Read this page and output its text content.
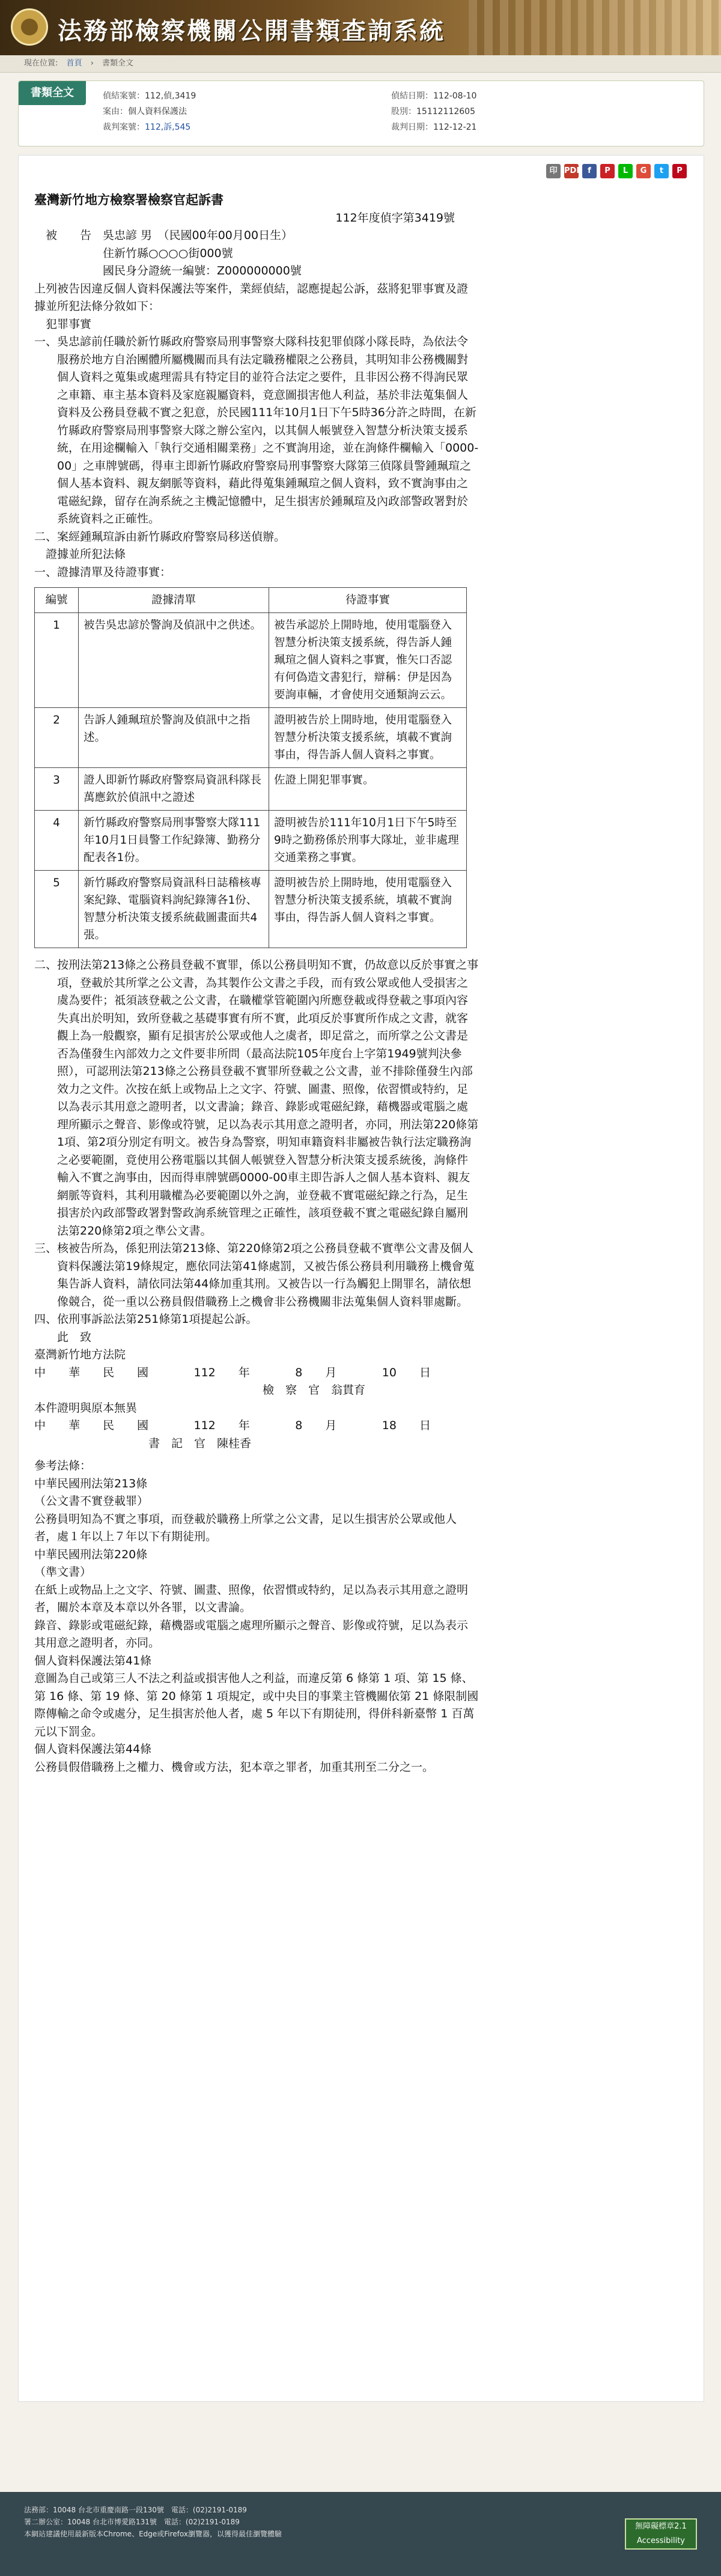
法務部檢察機關公開書類查詢系統
現在位置: 首頁 › 書類全文
書類全文	偵結案號：112,偵,3419	偵結日期：112-08-10
案由：個人資料保護法	股別：15112112605
裁判案號：112,訴,545	裁判日期：112-12-21
印 PDF f	P	L	G	t	P

臺灣新竹地方檢察署檢察官起訴書

112年度偵字第3419號

　被　　告　吳忠諺 男　（民國00年00月00日生）

　　　　　　住新竹縣○○○○街000號

　　　　　　國民身分證統一編號：Z000000000號

上列被告因違反個人資料保護法等案件，業經偵結，認應提起公訴，茲將犯罪事實及證據並所犯法條分敘如下：

　犯罪事實

一、吳忠諺前任職於新竹縣政府警察局刑事警察大隊科技犯罪偵隊小隊長時，為依法令服務於地方自治團體所屬機關而具有法定職務權限之公務員，其明知非公務機關對個人資料之蒐集或處理需具有特定目的並符合法定之要件，且非因公務不得詢民眾之車籍、車主基本資料及家庭親屬資料，竟意圖損害他人利益，基於非法蒐集個人資料及公務員登載不實之犯意，於民國111年10月1日下午5時36分許之時間，在新竹縣政府警察局刑事警察大隊之辦公室內，以其個人帳號登入智慧分析決策支援系統，在用途欄輸入「執行交通相關業務」之不實詢用途，並在詢條件欄輸入「0000-00」之車牌號碼，得車主即新竹縣政府警察局刑事警察大隊第三偵隊員警鍾珮瑄之個人基本資料、親友網脈等資料，藉此得蒐集鍾珮瑄之個人資料，致不實詢事由之電磁紀錄，留存在詢系統之主機記憶體中，足生損害於鍾珮瑄及內政部警政署對於系統資料之正確性。

二、案經鍾珮瑄訴由新竹縣政府警察局移送偵辦。

　證據並所犯法條

一、證據清單及待證事實：

編號	證據清單	待證事實
1	被告吳忠諺於警詢及偵訊中之供述。	被告承認於上開時地，使用電腦登入智慧分析決策支援系統，得告訴人鍾珮瑄之個人資料之事實，惟矢口否認有何偽造文書犯行，辯稱：伊是因為要詢車輛，才會使用交通類詢云云。
2	告訴人鍾珮瑄於警詢及偵訊中之指述。	證明被告於上開時地，使用電腦登入智慧分析決策支援系統，填載不實詢事由，得告訴人個人資料之事實。
3	證人即新竹縣政府警察局資訊科隊長萬應欽於偵訊中之證述	佐證上開犯罪事實。
4	新竹縣政府警察局刑事警察大隊111年10月1日員警工作紀錄簿、勤務分配表各1份。	證明被告於111年10月1日下午5時至9時之勤務係於刑事大隊址，並非處理交通業務之事實。
5	新竹縣政府警察局資訊科日誌稽核專案紀錄、電腦資料詢紀錄簿各1份、智慧分析決策支援系統截圖畫面共4張。	證明被告於上開時地，使用電腦登入智慧分析決策支援系統，填載不實詢事由，得告訴人個人資料之事實。

二、按刑法第213條之公務員登載不實罪，係以公務員明知不實，仍故意以反於事實之事項，登載於其所掌之公文書，為其製作公文書之手段，而有致公眾或他人受損害之虞為要件；祗須該登載之公文書，在職權掌管範圍內所應登載或得登載之事項內容失真出於明知，致所登載之基礎事實有所不實，此項反於事實所作成之文書，就客觀上為一般觀察，顯有足損害於公眾或他人之虞者，即足當之，而所掌之公文書是否為僅發生內部效力之文件要非所問（最高法院105年度台上字第1949號判決參照），可認刑法第213條之公務員登載不實罪所登載之公文書，並不排除僅發生內部效力之文件。次按在紙上或物品上之文字、符號、圖畫、照像，依習慣或特約，足以為表示其用意之證明者，以文書論；錄音、錄影或電磁紀錄，藉機器或電腦之處理所顯示之聲音、影像或符號，足以為表示其用意之證明者，亦同，刑法第220條第1項、第2項分別定有明文。被告身為警察，明知車籍資料非屬被告執行法定職務詢之必要範圍，竟使用公務電腦以其個人帳號登入智慧分析決策支援系統後，詢條件輸入不實之詢事由，因而得車牌號碼0000-00車主即告訴人之個人基本資料、親友網脈等資料，其利用職權為必要範圍以外之詢，並登載不實電磁紀錄之行為，足生損害於內政部警政署對警政詢系統管理之正確性，該項登載不實之電磁紀錄自屬刑法第220條第2項之準公文書。

三、核被告所為，係犯刑法第213條、第220條第2項之公務員登載不實準公文書及個人資料保護法第19條規定，應依同法第41條處罰，又被告係公務員利用職務上機會蒐集告訴人資料，請依同法第44條加重其刑。又被告以一行為觸犯上開罪名，請依想像競合，從一重以公務員假借職務上之機會非公務機關非法蒐集個人資料罪處斷。

四、依刑事訴訟法第251條第1項提起公訴。

　　此　致

臺灣新竹地方法院

中　　華　　民　　國	112　　年	8　　月	10　　日

檢　察　官　翁貫育

本件證明與原本無異

中　　華　　民　　國	112　　年	8　　月	18　　日

書　記　官　陳桂香

參考法條：

中華民國刑法第213條

（公文書不實登載罪）

公務員明知為不實之事項，而登載於職務上所掌之公文書，足以生損害於公眾或他人者，處１年以上７年以下有期徒刑。

中華民國刑法第220條

（準文書）

在紙上或物品上之文字、符號、圖畫、照像，依習慣或特約，足以為表示其用意之證明者，關於本章及本章以外各罪，以文書論。

錄音、錄影或電磁紀錄，藉機器或電腦之處理所顯示之聲音、影像或符號，足以為表示其用意之證明者，亦同。

個人資料保護法第41條

意圖為自己或第三人不法之利益或損害他人之利益，而違反第 6 條第 1 項、第 15 條、第 16 條、第 19 條、第 20 條第 1 項規定，或中央目的事業主管機關依第 21 條限制國際傳輸之命令或處分，足生損害於他人者，處 5 年以下有期徒刑，得併科新臺幣 1 百萬元以下罰金。

個人資料保護法第44條

公務員假借職務上之權力、機會或方法，犯本章之罪者，加重其刑至二分之一。

法務部：10048 台北市重慶南路一段130號　電話：(02)2191-0189
署二辦公室：10048 台北市博愛路131號　電話：(02)2191-0189
本網站建議使用最新版本Chrome、Edge或Firefox瀏覽器，以獲得最佳瀏覽體驗
無障礙標章2.1 Accessibility
